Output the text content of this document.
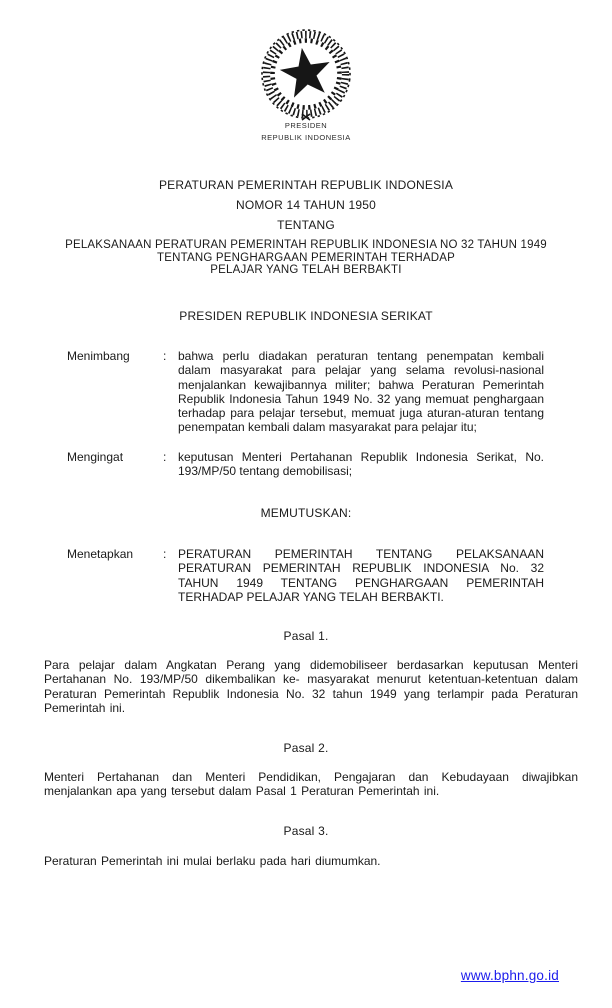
PRESIDEN
REPUBLIK INDONESIA
PERATURAN PEMERINTAH REPUBLIK INDONESIA
NOMOR 14 TAHUN 1950
TENTANG
PELAKSANAAN PERATURAN PEMERINTAH REPUBLIK INDONESIA NO 32 TAHUN 1949
TENTANG PENGHARGAAN PEMERINTAH TERHADAP
PELAJAR YANG TELAH BERBAKTI
PRESIDEN REPUBLIK INDONESIA SERIKAT
Menimbang	: bahwa perlu diadakan peraturan tentang penempatan kembali dalam masyarakat para pelajar yang selama revolusi-nasional menjalankan kewajibannya militer; bahwa Peraturan Pemerintah Republik Indonesia Tahun 1949 No. 32 yang memuat penghargaan terhadap para pelajar tersebut, memuat juga aturan-aturan tentang penempatan kembali dalam masyarakat para pelajar itu;
Mengingat	: keputusan Menteri Pertahanan Republik Indonesia Serikat, No. 193/MP/50 tentang demobilisasi;
MEMUTUSKAN:
Menetapkan	: PERATURAN PEMERINTAH TENTANG PELAKSANAAN PERATURAN PEMERINTAH REPUBLIK INDONESIA No. 32 TAHUN 1949 TENTANG PENGHARGAAN PEMERINTAH TERHADAP PELAJAR YANG TELAH BERBAKTI.
Pasal 1.
Para pelajar dalam Angkatan Perang yang didemobiliseer berdasarkan keputusan Menteri Pertahanan No. 193/MP/50 dikembalikan ke- masyarakat menurut ketentuan-ketentuan dalam Peraturan Pemerintah Republik Indonesia No. 32 tahun 1949 yang terlampir pada Peraturan Pemerintah ini.
Pasal 2.
Menteri Pertahanan dan Menteri Pendidikan, Pengajaran dan Kebudayaan diwajibkan menjalankan apa yang tersebut dalam Pasal 1 Peraturan Pemerintah ini.
Pasal 3.
Peraturan Pemerintah ini mulai berlaku pada hari diumumkan.
www.bphn.go.id
